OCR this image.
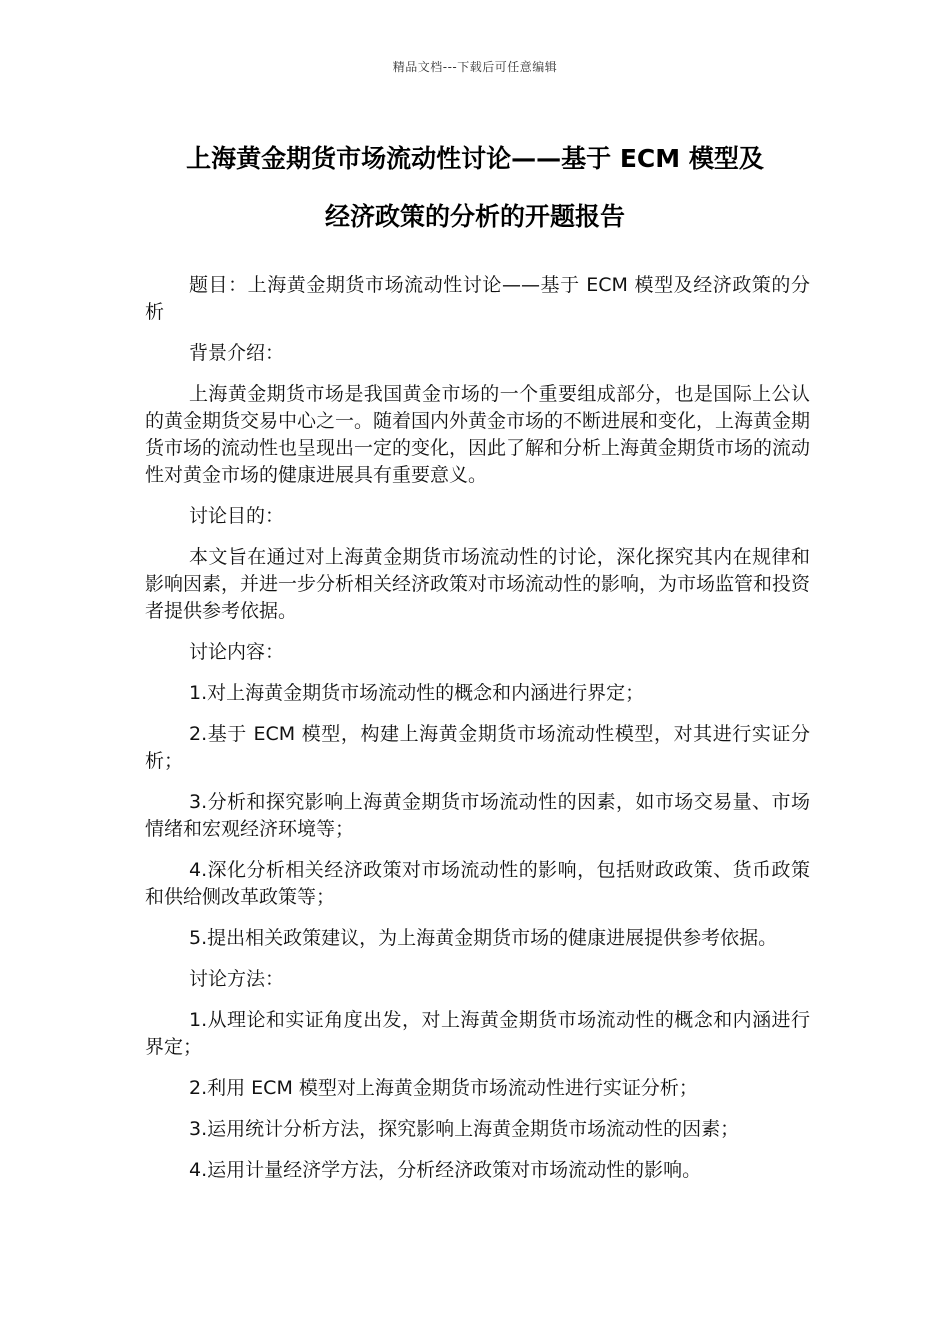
精品文档---下载后可任意编辑
上海黄金期货市场流动性讨论——基于 ECM 模型及
经济政策的分析的开题报告

题目：上海黄金期货市场流动性讨论——基于 ECM 模型及经济政策的分析

背景介绍：

上海黄金期货市场是我国黄金市场的一个重要组成部分，也是国际上公认的黄金期货交易中心之一。随着国内外黄金市场的不断进展和变化，上海黄金期货市场的流动性也呈现出一定的变化，因此了解和分析上海黄金期货市场的流动性对黄金市场的健康进展具有重要意义。

讨论目的：

本文旨在通过对上海黄金期货市场流动性的讨论，深化探究其内在规律和影响因素，并进一步分析相关经济政策对市场流动性的影响，为市场监管和投资者提供参考依据。

讨论内容：

1.对上海黄金期货市场流动性的概念和内涵进行界定；

2.基于 ECM 模型，构建上海黄金期货市场流动性模型，对其进行实证分析；

3.分析和探究影响上海黄金期货市场流动性的因素，如市场交易量、市场情绪和宏观经济环境等；

4.深化分析相关经济政策对市场流动性的影响，包括财政政策、货币政策和供给侧改革政策等；

5.提出相关政策建议，为上海黄金期货市场的健康进展提供参考依据。

讨论方法：

1.从理论和实证角度出发，对上海黄金期货市场流动性的概念和内涵进行界定；

2.利用 ECM 模型对上海黄金期货市场流动性进行实证分析；

3.运用统计分析方法，探究影响上海黄金期货市场流动性的因素；

4.运用计量经济学方法，分析经济政策对市场流动性的影响。
